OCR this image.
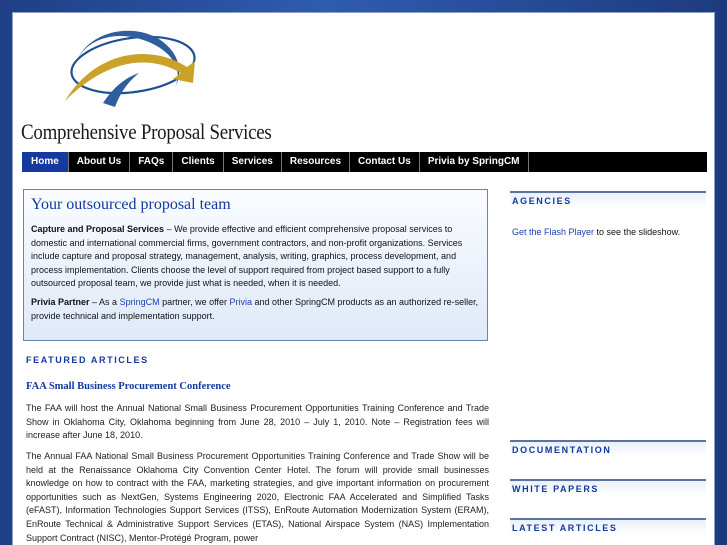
Comprehensive Proposal Services
Home	About Us	FAQs	Clients	Services	Resources	Contact Us	Privia by SpringCM
Your outsourced proposal team

Capture and Proposal Services – We provide effective and efficient comprehensive proposal services to domestic and international commercial firms, government contractors, and non-profit organizations. Services include capture and proposal strategy, management, analysis, writing, graphics, process development, and process implementation. Clients choose the level of support required from project based support to a fully outsourced proposal team, we provide just what is needed, when it is needed.

Privia Partner – As a SpringCM partner, we offer Privia and other SpringCM products as an authorized re-seller, provide technical and implementation support.

FEATURED ARTICLES
FAA Small Business Procurement Conference

The FAA will host the Annual National Small Business Procurement Opportunities Training Conference and Trade Show in Oklahoma City, Oklahoma beginning from June 28, 2010 – July 1, 2010. Note – Registration fees will increase after June 18, 2010.

The Annual FAA National Small Business Procurement Opportunities Training Conference and Trade Show will be held at the Renaissance Oklahoma City Convention Center Hotel. The forum will provide small businesses knowledge on how to contract with the FAA, marketing strategies, and give important information on procurement opportunities such as NextGen, Systems Engineering 2020, Electronic FAA Accelerated and Simplified Tasks (eFAST), Information Technologies Support Services (ITSS), EnRoute Automation Modernization System (ERAM), EnRoute Technical & Administrative Support Services (ETAS), National Airspace System (NAS) Implementation Support Contract (NISC), Mentor-Protégé Program, power

AGENCIES
Get the Flash Player to see the slideshow.
DOCUMENTATION
WHITE PAPERS
LATEST ARTICLES
